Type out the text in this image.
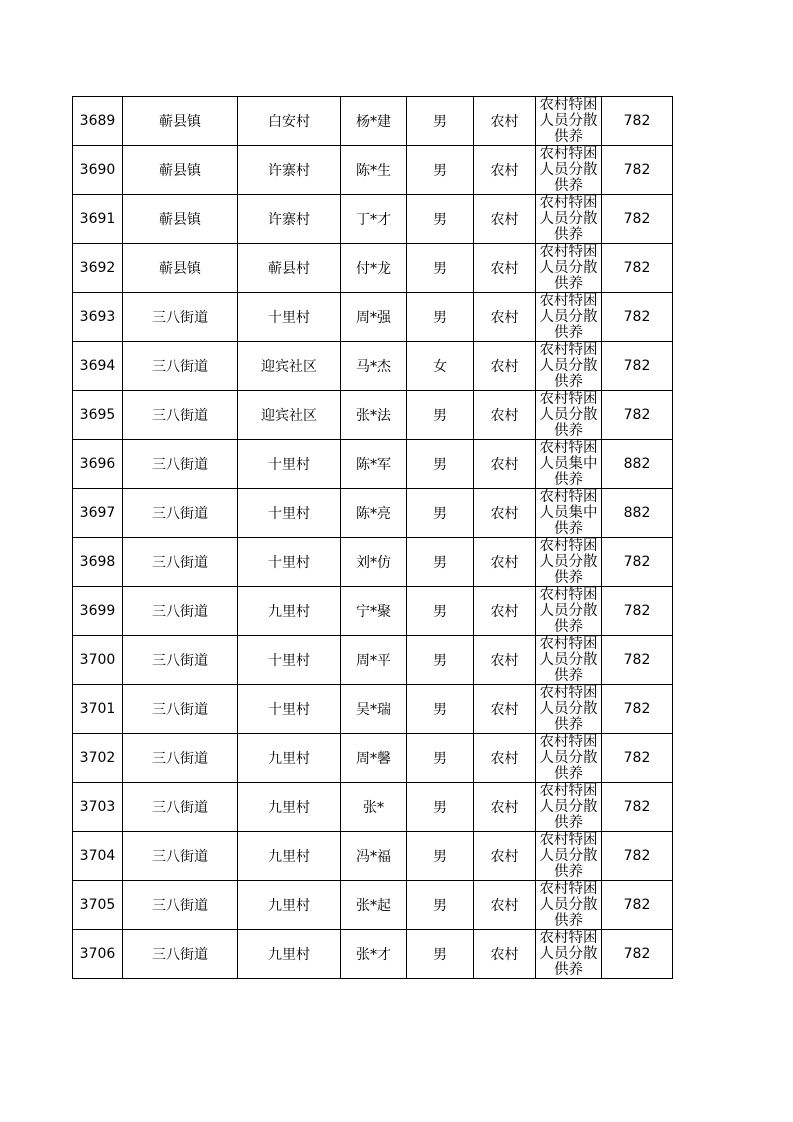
3689	蕲县镇	白安村	杨*建	男	农村	农村特困人员分散供养	782
3690	蕲县镇	许寨村	陈*生	男	农村	农村特困人员分散供养	782
3691	蕲县镇	许寨村	丁*才	男	农村	农村特困人员分散供养	782
3692	蕲县镇	蕲县村	付*龙	男	农村	农村特困人员分散供养	782
3693	三八街道	十里村	周*强	男	农村	农村特困人员分散供养	782
3694	三八街道	迎宾社区	马*杰	女	农村	农村特困人员分散供养	782
3695	三八街道	迎宾社区	张*法	男	农村	农村特困人员分散供养	782
3696	三八街道	十里村	陈*军	男	农村	农村特困人员集中供养	882
3697	三八街道	十里村	陈*亮	男	农村	农村特困人员集中供养	882
3698	三八街道	十里村	刘*仿	男	农村	农村特困人员分散供养	782
3699	三八街道	九里村	宁*聚	男	农村	农村特困人员分散供养	782
3700	三八街道	十里村	周*平	男	农村	农村特困人员分散供养	782
3701	三八街道	十里村	吴*瑞	男	农村	农村特困人员分散供养	782
3702	三八街道	九里村	周*馨	男	农村	农村特困人员分散供养	782
3703	三八街道	九里村	张*	男	农村	农村特困人员分散供养	782
3704	三八街道	九里村	冯*福	男	农村	农村特困人员分散供养	782
3705	三八街道	九里村	张*起	男	农村	农村特困人员分散供养	782
3706	三八街道	九里村	张*才	男	农村	农村特困人员分散供养	782
